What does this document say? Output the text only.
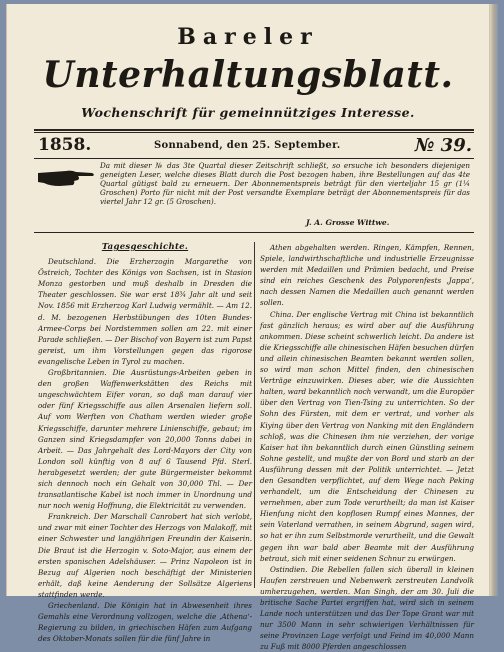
Bareler
Unterhaltungsblatt.
Wochenschrift für gemeinnütziges Interesse.
1858.	Sonnabend, den 25. September.	№ 39.
Da mit dieser № das 3te Quartal dieser Zeitschrift schließt, so ersuche ich besonders diejenigen geneigten Leser, welche dieses Blatt durch die Post bezogen haben, ihre Bestellungen auf das 4te Quartal gütigst bald zu erneuern. Der Abonnementspreis beträgt für den vierteljahr 15 gr (1¼ Groschen) Porto für nicht mit der Post versandte Exemplare beträgt der Abonnementspreis für das viertel Jahr 12 gr. (5 Groschen).
J. A. Grosse Wittwe.
Tagesgeschichte.

Deutschland. Die Erzherzogin Margarethe von Östreich, Tochter des Königs von Sachsen, ist in Stasion Monza gestorben und muß deshalb in Dresden die Theater geschlossen. Sie war erst 18¾ Jahr alt und seit Nov. 1856 mit Erzherzog Karl Ludwig vermählt. — Am 12. d. M. bezogenen Herbstübungen des 10ten Bundes-Armee-Corps bei Nordstemmen sollen am 22. mit einer Parade schließen. — Der Bischof von Bayern ist zum Papst gereist, um ihm Vorstellungen gegen das rigorose evangelische Leben in Tyrol zu machen.

Großbritannien. Die Ausrüstungs-Arbeiten geben in den großen Waffenwerkstätten des Reichs mit ungeschwächtem Eifer voran, so daß man darauf vier oder fünf Kriegsschiffe aus allen Arsenalen liefern soll. Auf vom Werften von Chatham werden wieder große Kriegsschiffe, darunter mehrere Linienschiffe, gebaut; im Ganzen sind Kriegsdampfer von 20,000 Tonns dabei in Arbeit. — Das Jahrgehalt des Lord-Mayors der City von London soll künftig von 8 auf 6 Tausend Pfd. Sterl. herabgesetzt werden; der gute Bürgermeister bekommt sich dennoch noch ein Gehalt von 30,000 Thl. — Der transatlantische Kabel ist noch immer in Unordnung und nur noch wenig Hoffnung, die Elektricität zu verwenden.

Frankreich. Der Marschall Canrobert hat sich verlobt, und zwar mit einer Tochter des Herzogs von Malakoff, mit einer Schwester und langjährigen Freundin der Kaiserin. Die Braut ist die Herzogin v. Soto-Major, aus einem der ersten spanischen Adelshäuser. — Prinz Napoleon ist in Bezug auf Algerien noch beschäftigt der Ministerien erhält, daß keine Aenderung der Sollsätze Algeriens stattfinden werde.

Griechenland. Die Königin hat in Abwesenheit ihres Gemahls eine Verordnung vollzogen, welche die ‚Athena‘-Regierung zu bilden, in griechischen Häfen zum Aufgang des Oktober-Monats sollen für die fünf Jahre in

Athen abgehalten werden. Ringen, Kämpfen, Rennen, Spiele, landwirthschaftliche und industrielle Erzeugnisse werden mit Medaillen und Prämien bedacht, und Preise sind ein reiches Geschenk des Polyporenfests ‚Jappa‘, nach dessen Namen die Medaillen auch genannt werden sollen.

China. Der englische Vertrag mit China ist bekanntlich fast gänzlich heraus; es wird aber auf die Ausführung ankommen. Diese scheint schwerlich leicht. Da andere ist die Kriegsschiffe alle chinesischen Häfen besuchen dürfen und allein chinesischen Beamten bekannt werden sollen, so wird man schon Mittel finden, den chinesischen Verträge einzuwirken. Dieses aber, wie die Aussichten halten, ward bekanntlich noch verwandt, um die Europäer über den Vertrag von Tien-Tsing zu unterrichten. So der Sohn des Fürsten, mit dem er vertrat, und vorher als Kiying über den Vertrag von Nanking mit den Engländern schloß, was die Chinesen ihm nie verziehen, der vorige Kaiser hat ihn bekanntlich durch einen Günstling seinem Sohne gestellt, und mußte der von Bord und starb an der Ausführung dessen mit der Politik unterrichtet. — Jetzt den Gesandten verpflichtet, auf dem Wege nach Peking verhandelt, um die Entscheidung der Chinesen zu vernehmen, aber zum Tode verurtheilt; da man ist Kaiser Hienfung nicht den kopflosen Rumpf eines Mannes, der sein Vaterland verrathen, in seinem Abgrund, sagen wird, so hat er ihn zum Selbstmorde verurtheilt, und die Gewalt gegen ihn war bald aber Beamte mit der Ausführung betraut, sich mit einer seidenen Schnur zu erwürgen.

Ostindien. Die Rebellen fallen sich überall in kleinen Haufen zerstreuen und Nebenwerk zerstreuten Landvolk umherzugehen, werden. Man Singh, der am 30. Juli die britische Sache Partei ergriffen hat, wird sich in seinem Lande noch unterstützen und das Der Tope Grant war mit nur 3500 Mann in sehr schwierigen Verhältnissen für seine Provinzen Lage verfolgt und Feind im 40,000 Mann zu Fuß mit 8000 Pferden angeschlossen
